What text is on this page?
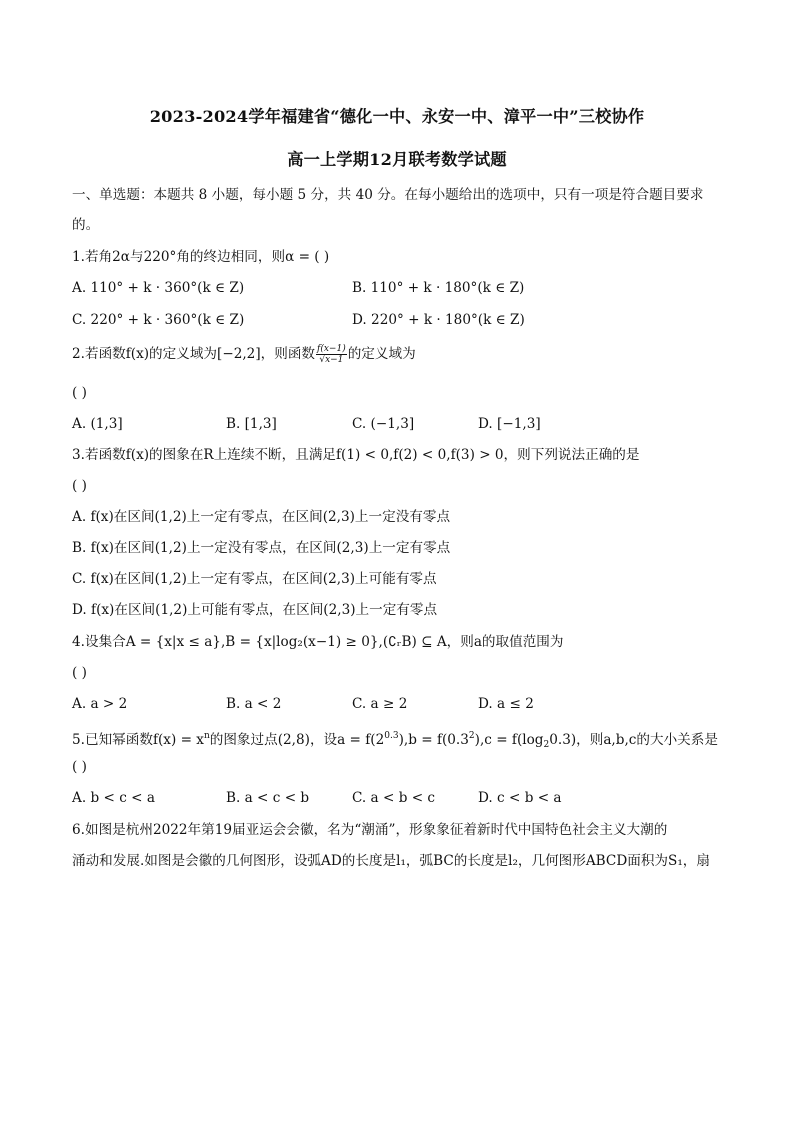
2023-2024学年福建省“德化一中、永安一中、漳平一中”三校协作
高一上学期12月联考数学试题
一、单选题：本题共 8 小题，每小题 5 分，共 40 分。在每小题给出的选项中，只有一项是符合题目要求
的。
1.若角2α与220°角的终边相同，则α = ( )
A. 110° + k · 360°(k ∈ Z)	B. 110° + k · 180°(k ∈ Z)
C. 220° + k · 360°(k ∈ Z)	D. 220° + k · 180°(k ∈ Z)
2.若函数f(x)的定义域为[−2,2]，则函数 $\frac{f(x-1)}{√x-1}$ 的定义域为
( )
A. (1,3]	B. [1,3]	C. (−1,3]	D. [−1,3]
3.若函数f(x)的图象在R上连续不断，且满足f(1) < 0,f(2) < 0,f(3) > 0，则下列说法正确的是
( )
A. f(x)在区间(1,2)上一定有零点，在区间(2,3)上一定没有零点
B. f(x)在区间(1,2)上一定没有零点，在区间(2,3)上一定有零点
C. f(x)在区间(1,2)上一定有零点，在区间(2,3)上可能有零点
D. f(x)在区间(1,2)上可能有零点，在区间(2,3)上一定有零点
4.设集合A = {x|x ≤ a},B = {x|log₂(x−1) ≥ 0},(∁ᵣB) ⊆ A，则a的取值范围为
( )
A. a > 2	B. a < 2	C. a ≥ 2	D. a ≤ 2
5.已知幂函数$f(x) = x^n$的图象过点(2,8)，设$a = f(2^{0.3}),b = f(0.3^2),c = f(\log_20.3)$，则a,b,c的大小关系是
( )
A. b < c < a	B. a < c < b	C. a < b < c	D. c < b < a
6.如图是杭州2022年第19届亚运会会徽，名为“潮涌”，形象象征着新时代中国特色社会主义大潮的
涌动和发展.如图是会徽的几何图形，设弧AD的长度是l₁，弧BC的长度是l₂，几何图形ABCD面积为S₁，扇
